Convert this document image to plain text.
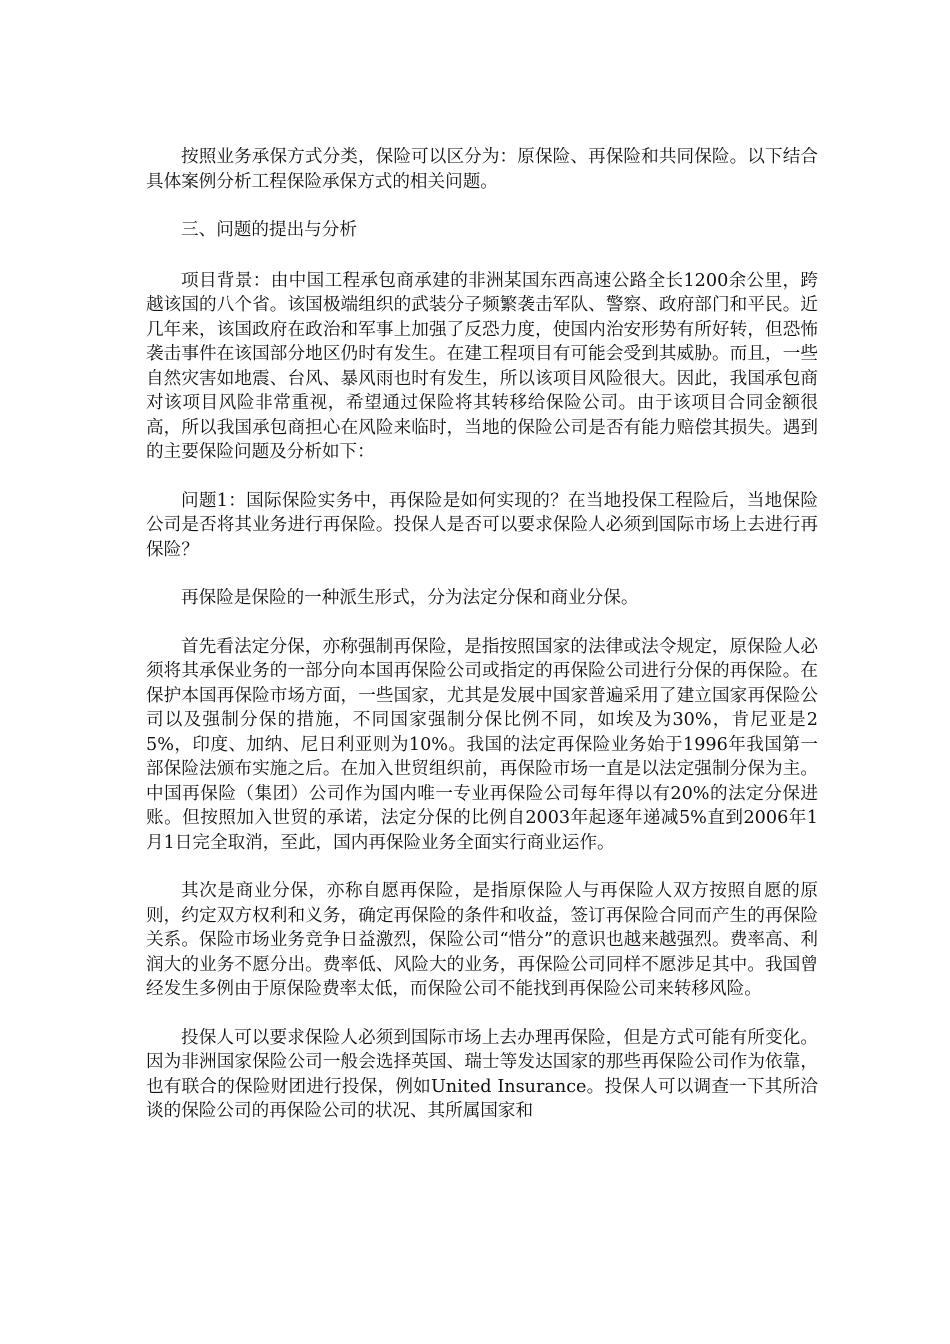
按照业务承保方式分类，保险可以区分为：原保险、再保险和共同保险。以下结合具体案例分析工程保险承保方式的相关问题。

三、问题的提出与分析

项目背景：由中国工程承包商承建的非洲某国东西高速公路全长1200余公里，跨越该国的八个省。该国极端组织的武装分子频繁袭击军队、警察、政府部门和平民。近几年来，该国政府在政治和军事上加强了反恐力度，使国内治安形势有所好转，但恐怖袭击事件在该国部分地区仍时有发生。在建工程项目有可能会受到其威胁。而且，一些自然灾害如地震、台风、暴风雨也时有发生，所以该项目风险很大。因此，我国承包商对该项目风险非常重视，希望通过保险将其转移给保险公司。由于该项目合同金额很高，所以我国承包商担心在风险来临时，当地的保险公司是否有能力赔偿其损失。遇到的主要保险问题及分析如下：

问题1：国际保险实务中，再保险是如何实现的？在当地投保工程险后，当地保险公司是否将其业务进行再保险。投保人是否可以要求保险人必须到国际市场上去进行再保险？

再保险是保险的一种派生形式，分为法定分保和商业分保。

首先看法定分保，亦称强制再保险，是指按照国家的法律或法令规定，原保险人必须将其承保业务的一部分向本国再保险公司或指定的再保险公司进行分保的再保险。在保护本国再保险市场方面，一些国家，尤其是发展中国家普遍采用了建立国家再保险公司以及强制分保的措施，不同国家强制分保比例不同，如埃及为30%，肯尼亚是25%，印度、加纳、尼日利亚则为10%。我国的法定再保险业务始于1996年我国第一部保险法颁布实施之后。在加入世贸组织前，再保险市场一直是以法定强制分保为主。中国再保险（集团）公司作为国内唯一专业再保险公司每年得以有20%的法定分保进账。但按照加入世贸的承诺，法定分保的比例自2003年起逐年递减5%直到2006年1月1日完全取消，至此，国内再保险业务全面实行商业运作。

其次是商业分保，亦称自愿再保险，是指原保险人与再保险人双方按照自愿的原则，约定双方权利和义务，确定再保险的条件和收益，签订再保险合同而产生的再保险关系。保险市场业务竞争日益激烈，保险公司“惜分”的意识也越来越强烈。费率高、利润大的业务不愿分出。费率低、风险大的业务，再保险公司同样不愿涉足其中。我国曾经发生多例由于原保险费率太低，而保险公司不能找到再保险公司来转移风险。

投保人可以要求保险人必须到国际市场上去办理再保险，但是方式可能有所变化。因为非洲国家保险公司一般会选择英国、瑞士等发达国家的那些再保险公司作为依靠，也有联合的保险财团进行投保，例如United Insurance。投保人可以调查一下其所洽谈的保险公司的再保险公司的状况、其所属国家和
